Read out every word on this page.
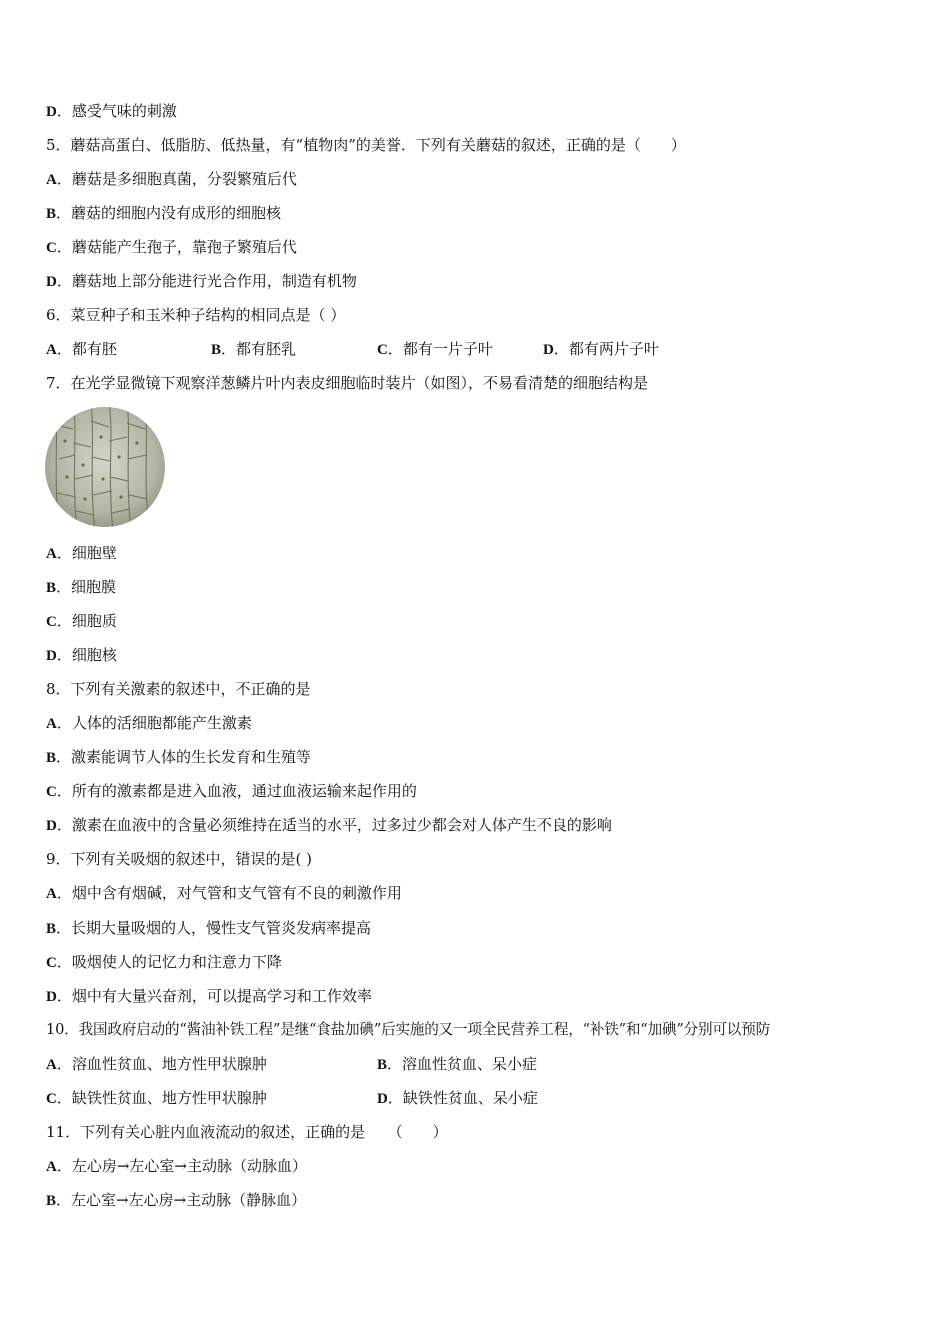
D．感受气味的刺激
5．蘑菇高蛋白、低脂肪、低热量，有“植物肉”的美誉．下列有关蘑菇的叙述，正确的是（　　）
A．蘑菇是多细胞真菌，分裂繁殖后代
B．蘑菇的细胞内没有成形的细胞核
C．蘑菇能产生孢子，靠孢子繁殖后代
D．蘑菇地上部分能进行光合作用，制造有机物
6．菜豆种子和玉米种子结构的相同点是（ ）
A．都有胚	B．都有胚乳	C．都有一片子叶	D．都有两片子叶
7．在光学显微镜下观察洋葱鳞片叶内表皮细胞临时装片（如图），不易看清楚的细胞结构是
A．细胞壁
B．细胞膜
C．细胞质
D．细胞核
8．下列有关激素的叙述中，不正确的是
A．人体的活细胞都能产生激素
B．激素能调节人体的生长发育和生殖等
C．所有的激素都是进入血液，通过血液运输来起作用的
D．激素在血液中的含量必须维持在适当的水平，过多过少都会对人体产生不良的影响
9．下列有关吸烟的叙述中，错误的是( )
A．烟中含有烟碱，对气管和支气管有不良的刺激作用
B．长期大量吸烟的人，慢性支气管炎发病率提高
C．吸烟使人的记忆力和注意力下降
D．烟中有大量兴奋剂，可以提高学习和工作效率
10．我国政府启动的“酱油补铁工程”是继“食盐加碘”后实施的又一项全民营养工程，“补铁”和“加碘”分别可以预防
A．溶血性贫血、地方性甲状腺肿	B．溶血性贫血、呆小症
C．缺铁性贫血、地方性甲状腺肿	D．缺铁性贫血、呆小症
11．下列有关心脏内血液流动的叙述，正确的是　　（　　）
A．左心房→左心室→主动脉（动脉血）
B．左心室→左心房→主动脉（静脉血）
